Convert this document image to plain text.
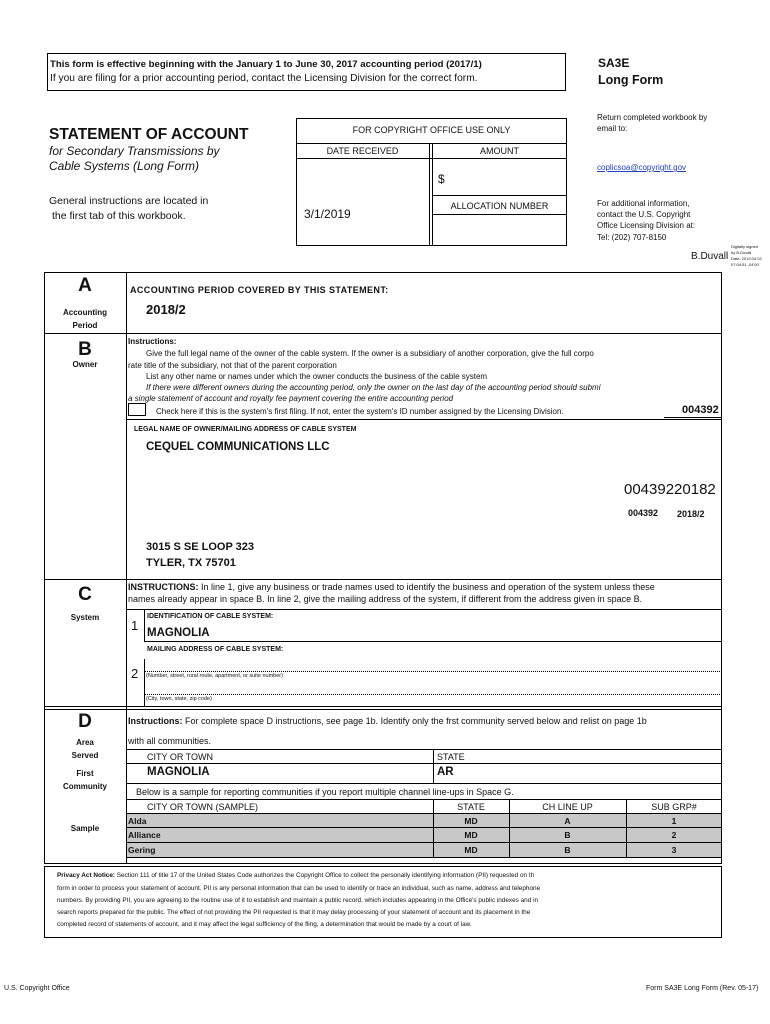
This form is effective beginning with the January 1 to June 30, 2017 accounting period (2017/1)
If you are filing for a prior accounting period, contact the Licensing Division for the correct form.
SA3E
Long Form
Return completed workbook by email to:
coplicsoa@copyright.gov
For additional information,
contact the U.S. Copyright
Office Licensing Division at:
Tel: (202) 707-8150
B.Duvall
Digitally signed
by B.Duvall
Date: 2019.04.02
07:04:51 -04'00'
STATEMENT OF ACCOUNT
for Secondary Transmissions by
Cable Systems (Long Form)
General instructions are located in
the first tab of this workbook.
FOR COPYRIGHT OFFICE USE ONLY
DATE RECEIVED	AMOUNT
$
3/1/2019
ALLOCATION NUMBER
A
Accounting
Period
ACCOUNTING PERIOD COVERED BY THIS STATEMENT:
2018/2
B
Owner
Instructions:
Give the full legal name of the owner of the cable system. If the owner is a subsidiary of another corporation, give the full corpo
rate title of the subsidiary, not that of the parent corporation
List any other name or names under which the owner conducts the business of the cable system
If there were different owners during the accounting period, only the owner on the last day of the accounting period should submi
a single statement of account and royalty fee payment covering the entire accounting period
Check here if this is the system's first filing. If not, enter the system's ID number assigned by the Licensing Division.	004392
LEGAL NAME OF OWNER/MAILING ADDRESS OF CABLE SYSTEM
CEQUEL COMMUNICATIONS LLC
00439220182
004392 2018/2
3015 S SE LOOP 323
TYLER, TX 75701
C
System
INSTRUCTIONS: In line 1, give any business or trade names used to identify the business and operation of the system unless these
names already appear in space B. In line 2, give the mailing address of the system, if different from the address given in space B.
1
IDENTIFICATION OF CABLE SYSTEM:
MAGNOLIA
MAILING ADDRESS OF CABLE SYSTEM:
2 (Number, street, rural route, apartment, or suite number)
(City, town, state, zip code)
D
Area
Served
First
Community
Sample
Instructions: For complete space D instructions, see page 1b. Identify only the frst community served below and relist on page 1b
with all communities.
CITY OR TOWN	STATE
MAGNOLIA	AR
Below is a sample for reporting communities if you report multiple channel line-ups in Space G.
CITY OR TOWN (SAMPLE)	STATE	CH LINE UP	SUB GRP#
Alda	MD	A	1
Alliance	MD	B	2
Gering	MD	B	3
Privacy Act Notice: Section 111 of title 17 of the United States Code authorizes the Copyright Office to collect the personally identifying information (PII) requested on th
form in order to process your statement of account. PII is any personal information that can be used to identify or trace an individual, such as name, address and telephone
numbers. By providing PII, you are agreeing to the routine use of it to establish and maintain a public record, which includes appearing in the Office's public indexes and in
search reports prepared for the public. The effect of not providing the PII requested is that it may delay processing of your statement of account and its placement in the
completed record of statements of account, and it may affect the legal sufficiency of the fling, a determination that would be made by a court of law.
U.S. Copyright Office	Form SA3E Long Form (Rev. 05-17)
